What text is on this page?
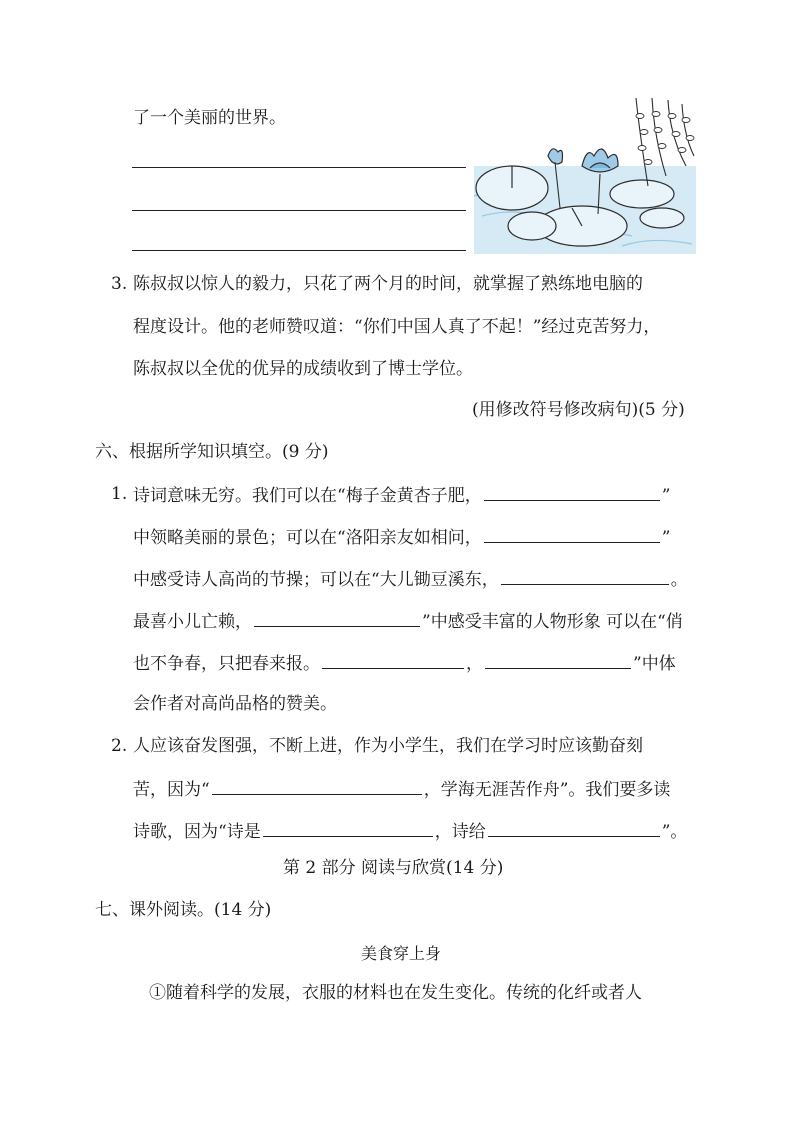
了一个美丽的世界。
3. 陈叔叔以惊人的毅力，只花了两个月的时间，就掌握了熟练地电脑的
程度设计。他的老师赞叹道：“你们中国人真了不起！”经过克苦努力，
陈叔叔以全优的优异的成绩收到了博士学位。
(用修改符号修改病句)(5 分)
六、根据所学知识填空。(9 分)
1. 诗词意味无穷。我们可以在“梅子金黄杏子肥，	”
中领略美丽的景色；可以在“洛阳亲友如相问，	”
中感受诗人高尚的节操；可以在“大儿锄豆溪东，	。
最喜小儿亡赖，	”中感受丰富的人物形象 可以在“俏
也不争春，只把春来报。	，	”中体
会作者对高尚品格的赞美。
2. 人应该奋发图强，不断上进，作为小学生，我们在学习时应该勤奋刻
苦，因为“	，学海无涯苦作舟”。我们要多读
诗歌，因为“诗是	，诗给	”。
第 2 部分 阅读与欣赏(14 分)
七、课外阅读。(14 分)
美食穿上身
①随着科学的发展，衣服的材料也在发生变化。传统的化纤或者人
